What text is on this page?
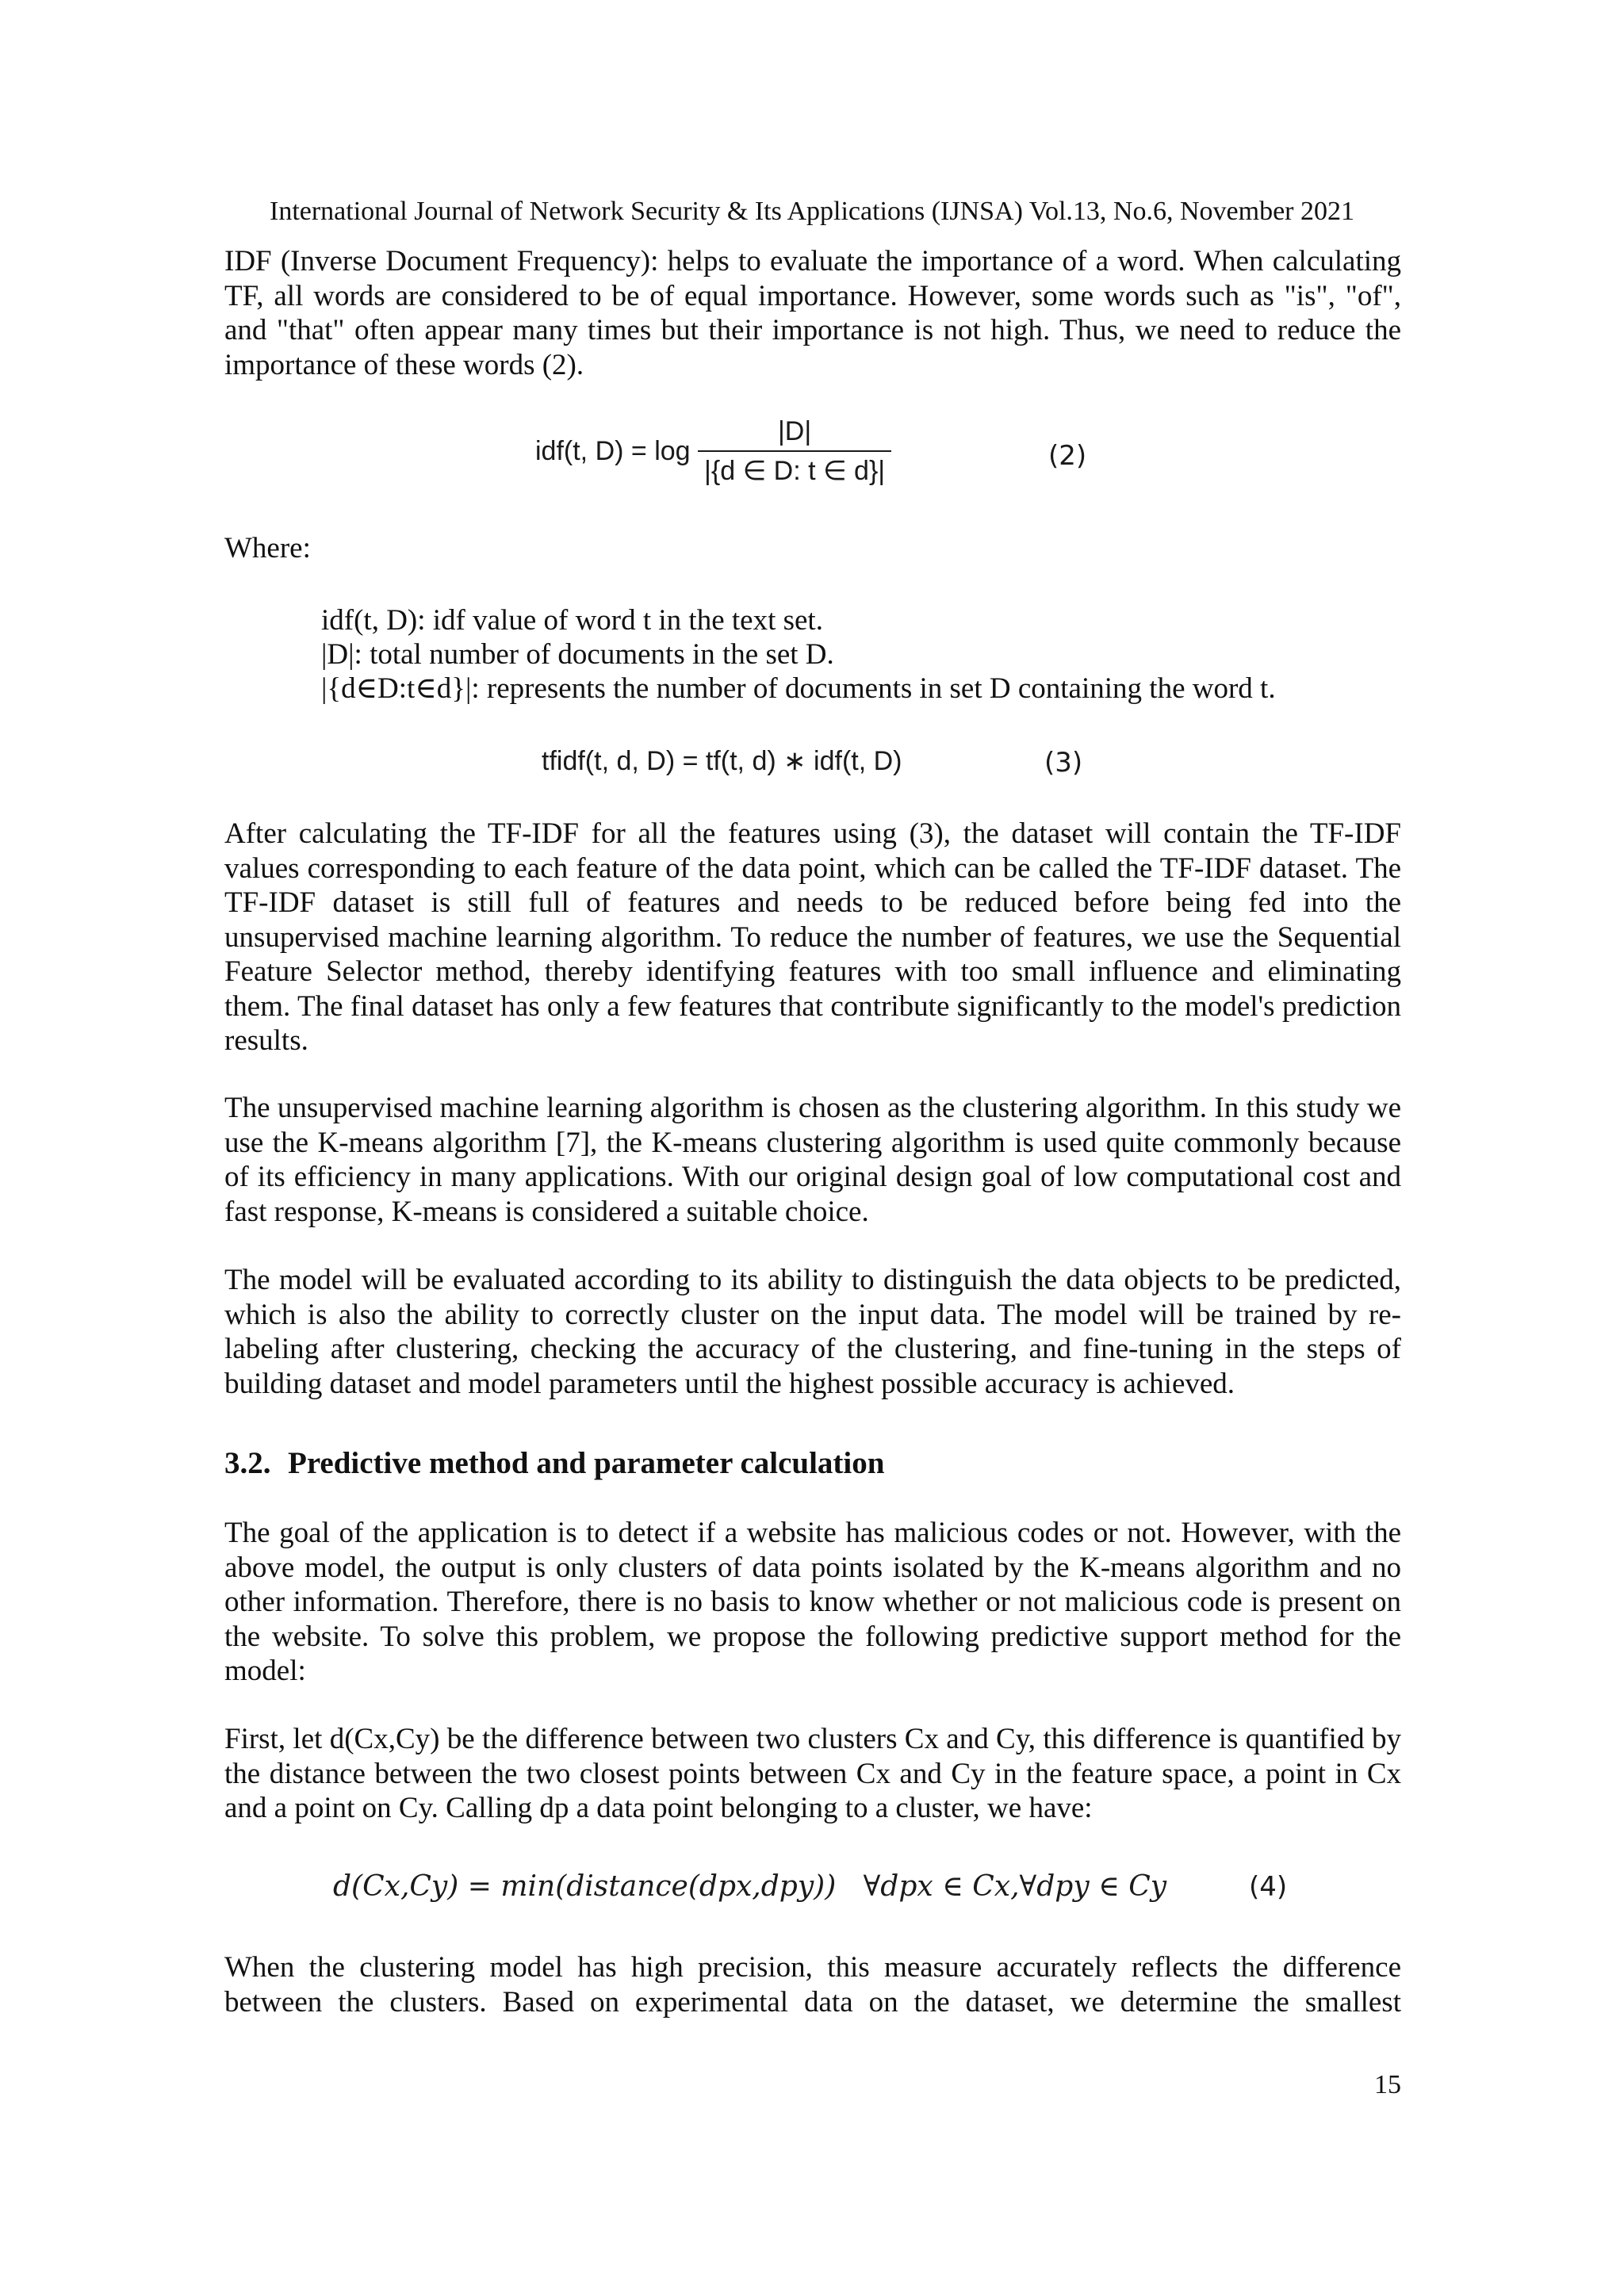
International Journal of Network Security & Its Applications (IJNSA) Vol.13, No.6, November 2021

IDF (Inverse Document Frequency): helps to evaluate the importance of a word. When calculating TF, all words are considered to be of equal importance. However, some words such as "is", "of", and "that" often appear many times but their importance is not high. Thus, we need to reduce the importance of these words (2).

idf(t, $D) = \log \frac{|D|}{|\{d \in D: t \in d\}|}$	(2)
Where:
idf(t, D): idf value of word t in the text set.
|D|: total number of documents in the set D.
|{d∈D:t∈d}|: represents the number of documents in set D containing the word t.
tfidf(t, d, D) = tf(t, d) ∗ idf(t, D)	(3)

After calculating the TF-IDF for all the features using (3), the dataset will contain the TF-IDF values corresponding to each feature of the data point, which can be called the TF-IDF dataset. The TF-IDF dataset is still full of features and needs to be reduced before being fed into the unsupervised machine learning algorithm. To reduce the number of features, we use the Sequential Feature Selector method, thereby identifying features with too small influence and eliminating them. The final dataset has only a few features that contribute significantly to the model's prediction results.

The unsupervised machine learning algorithm is chosen as the clustering algorithm. In this study we use the K-means algorithm [7], the K-means clustering algorithm is used quite commonly because of its efficiency in many applications. With our original design goal of low computational cost and fast response, K-means is considered a suitable choice.

The model will be evaluated according to its ability to distinguish the data objects to be predicted, which is also the ability to correctly cluster on the input data. The model will be trained by re-labeling after clustering, checking the accuracy of the clustering, and fine-tuning in the steps of building dataset and model parameters until the highest possible accuracy is achieved.

3.2. Predictive method and parameter calculation

The goal of the application is to detect if a website has malicious codes or not. However, with the above model, the output is only clusters of data points isolated by the K-means algorithm and no other information. Therefore, there is no basis to know whether or not malicious code is present on the website. To solve this problem, we propose the following predictive support method for the model:

First, let d(Cx,Cy) be the difference between two clusters Cx and Cy, this difference is quantified by the distance between the two closest points between Cx and Cy in the feature space, a point in Cx and a point on Cy. Calling dp a data point belonging to a cluster, we have:

d(Cx,Cy) = min(distance(dpx,dpy))   ∀dpx ∈ Cx,∀dpy ∈ Cy	(4)

When the clustering model has high precision, this measure accurately reflects the difference between the clusters. Based on experimental data on the dataset, we determine the smallest

15
